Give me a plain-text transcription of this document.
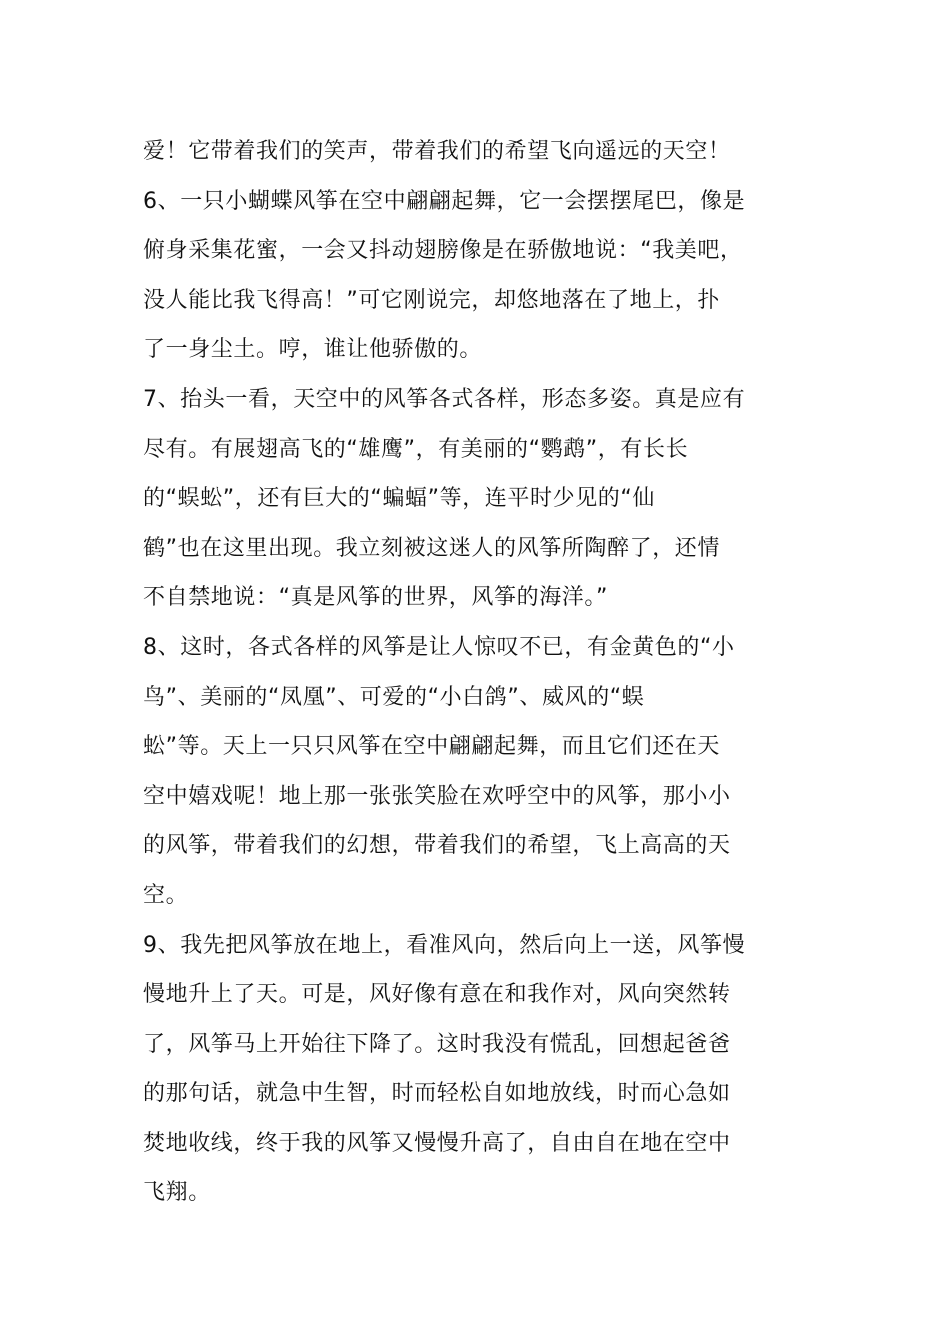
爱！它带着我们的笑声，带着我们的希望飞向遥远的天空！
6、一只小蝴蝶风筝在空中翩翩起舞，它一会摆摆尾巴，像是
俯身采集花蜜，一会又抖动翅膀像是在骄傲地说：“我美吧，
没人能比我飞得高！”可它刚说完，却悠地落在了地上，扑
了一身尘土。哼，谁让他骄傲的。
7、抬头一看，天空中的风筝各式各样，形态多姿。真是应有
尽有。有展翅高飞的“雄鹰”，有美丽的“鹦鹉”，有长长
的“蜈蚣”，还有巨大的“蝙蝠”等，连平时少见的“仙
鹤”也在这里出现。我立刻被这迷人的风筝所陶醉了，还情
不自禁地说：“真是风筝的世界，风筝的海洋。”
8、这时，各式各样的风筝是让人惊叹不已，有金黄色的“小
鸟”、美丽的“凤凰”、可爱的“小白鸽”、威风的“蜈
蚣”等。天上一只只风筝在空中翩翩起舞，而且它们还在天
空中嬉戏呢！地上那一张张笑脸在欢呼空中的风筝，那小小
的风筝，带着我们的幻想，带着我们的希望，飞上高高的天
空。
9、我先把风筝放在地上，看准风向，然后向上一送，风筝慢
慢地升上了天。可是，风好像有意在和我作对，风向突然转
了，风筝马上开始往下降了。这时我没有慌乱，回想起爸爸
的那句话，就急中生智，时而轻松自如地放线，时而心急如
焚地收线，终于我的风筝又慢慢升高了，自由自在地在空中
飞翔。
